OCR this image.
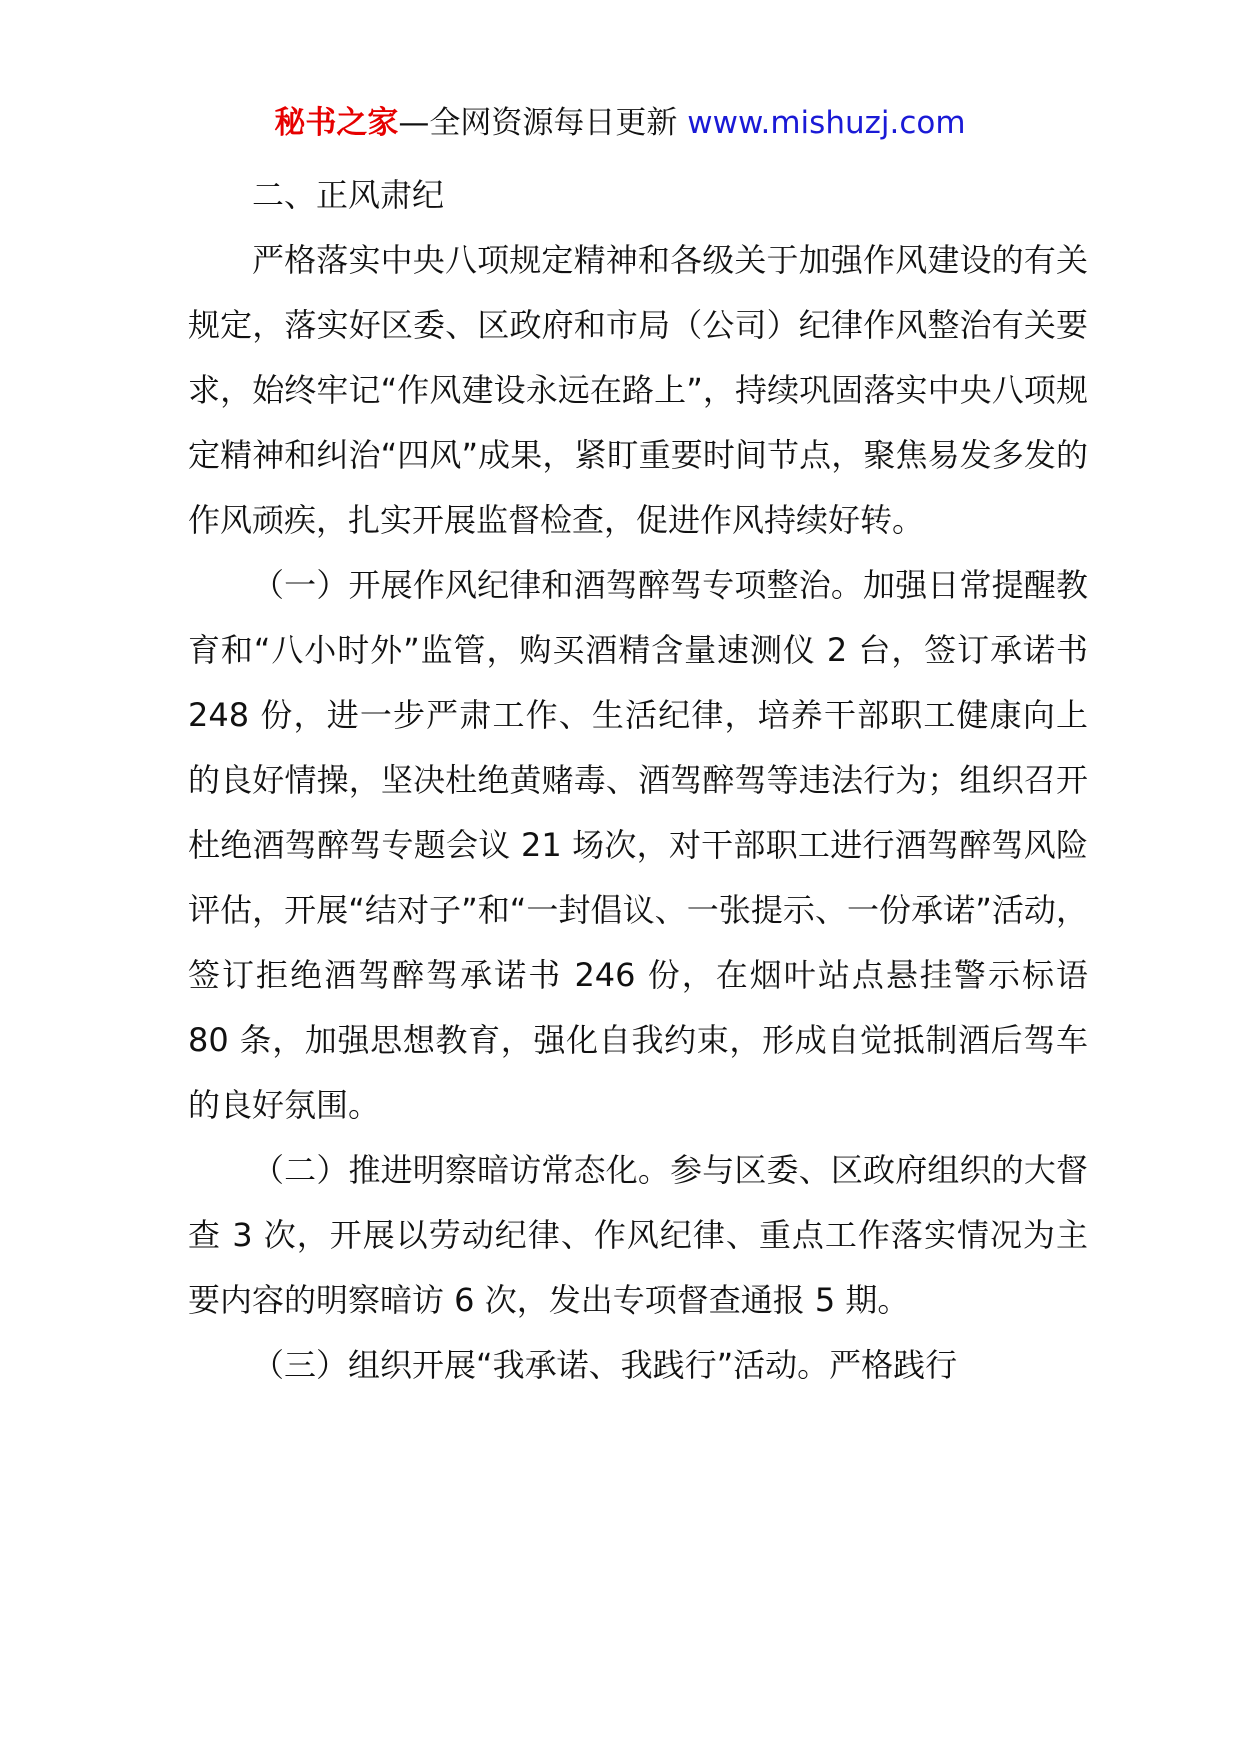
秘书之家—全网资源每日更新 www.mishuzj.com

二、正风肃纪

严格落实中央八项规定精神和各级关于加强作风建设的有关规定，落实好区委、区政府和市局（公司）纪律作风整治有关要求，始终牢记“作风建设永远在路上”，持续巩固落实中央八项规定精神和纠治“四风”成果，紧盯重要时间节点，聚焦易发多发的作风顽疾，扎实开展监督检查，促进作风持续好转。

（一）开展作风纪律和酒驾醉驾专项整治。加强日常提醒教育和“八小时外”监管，购买酒精含量速测仪 2 台，签订承诺书 248 份，进一步严肃工作、生活纪律，培养干部职工健康向上的良好情操，坚决杜绝黄赌毒、酒驾醉驾等违法行为；组织召开杜绝酒驾醉驾专题会议 21 场次，对干部职工进行酒驾醉驾风险评估，开展“结对子”和“一封倡议、一张提示、一份承诺”活动，签订拒绝酒驾醉驾承诺书 246 份，在烟叶站点悬挂警示标语 80 条，加强思想教育，强化自我约束，形成自觉抵制酒后驾车的良好氛围。

（二）推进明察暗访常态化。参与区委、区政府组织的大督查 3 次，开展以劳动纪律、作风纪律、重点工作落实情况为主要内容的明察暗访 6 次，发出专项督查通报 5 期。

（三）组织开展“我承诺、我践行”活动。严格践行
